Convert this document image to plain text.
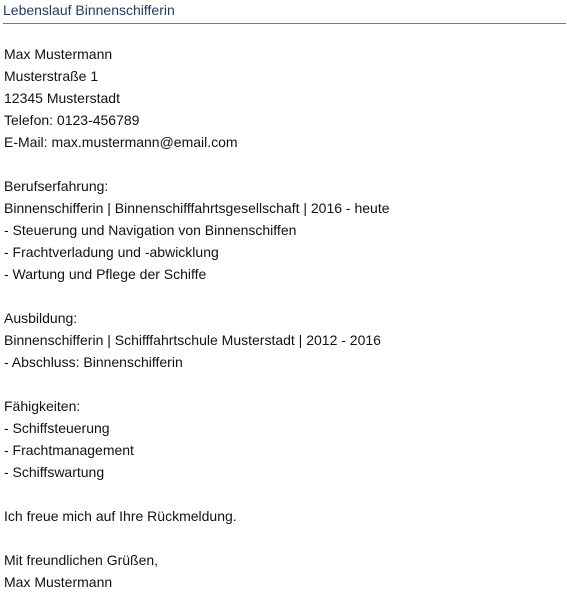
Lebenslauf Binnenschifferin
Max Mustermann
Musterstraße 1
12345 Musterstadt
Telefon: 0123-456789
E-Mail: max.mustermann@email.com
Berufserfahrung:
Binnenschifferin | Binnenschifffahrtsgesellschaft | 2016 - heute
- Steuerung und Navigation von Binnenschiffen
- Frachtverladung und -abwicklung
- Wartung und Pflege der Schiffe
Ausbildung:
Binnenschifferin | Schifffahrtschule Musterstadt | 2012 - 2016
- Abschluss: Binnenschifferin
Fähigkeiten:
- Schiffsteuerung
- Frachtmanagement
- Schiffswartung
Ich freue mich auf Ihre Rückmeldung.
Mit freundlichen Grüßen,
Max Mustermann
